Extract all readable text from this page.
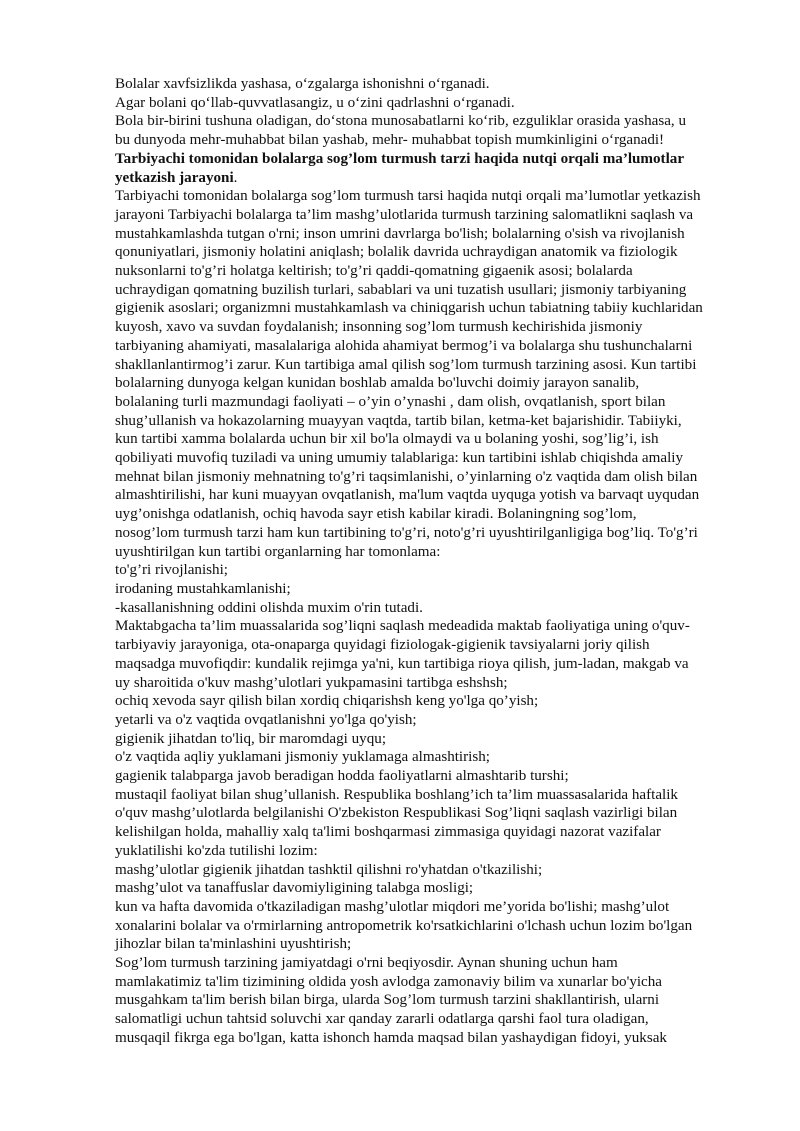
Bolalar xavfsizlikda yashasa, o‘zgalarga ishonishni o‘rganadi.
Agar bolani qo‘llab-quvvatlasangiz, u o‘zini qadrlashni o‘rganadi.
Bola bir-birini tushuna oladigan, do‘stona munosabatlarni ko‘rib, ezguliklar orasida yashasa, u
bu dunyoda mehr-muhabbat bilan yashab, mehr- muhabbat topish mumkinligini o‘rganadi!
Tarbiyachi tomonidan bolalarga sog’lom turmush tarzi haqida nutqi orqali ma’lumotlar
yetkazish jarayoni.
Tarbiyachi tomonidan bolalarga sog’lom turmush tarsi haqida nutqi orqali ma’lumotlar yetkazish
jarayoni Tarbiyachi bolalarga ta’lim mashg’ulotlarida turmush tarzining salomatlikni saqlash va
mustahkamlashda tutgan o'rni; inson umrini davrlarga bo'lish; bolalarning o'sish va rivojlanish
qonuniyatlari, jismoniy holatini aniqlash; bolalik davrida uchraydigan anatomik va fiziologik
nuksonlarni to'g’ri holatga keltirish; to'g’ri qaddi-qomatning gigaenik asosi; bolalarda
uchraydigan qomatning buzilish turlari, sabablari va uni tuzatish usullari; jismoniy tarbiyaning
gigienik asoslari; organizmni mustahkamlash va chiniqgarish uchun tabiatning tabiiy kuchlaridan
kuyosh, xavo va suvdan foydalanish; insonning sog’lom turmush kechirishida jismoniy
tarbiyaning ahamiyati, masalalariga alohida ahamiyat bermog’i va bolalarga shu tushunchalarni
shakllanlantirmog’i zarur. Kun tartibiga amal qilish sog’lom turmush tarzining asosi. Kun tartibi
bolalarning dunyoga kelgan kunidan boshlab amalda bo'luvchi doimiy jarayon sanalib,
bolalaning turli mazmundagi faoliyati – o’yin o’ynashi , dam olish, ovqatlanish, sport bilan
shug’ullanish va hokazolarning muayyan vaqtda, tartib bilan, ketma-ket bajarishidir. Tabiiyki,
kun tartibi xamma bolalarda uchun bir xil bo'la olmaydi va u bolaning yoshi, sog’lig’i, ish
qobiliyati muvofiq tuziladi va uning umumiy talablariga: kun tartibini ishlab chiqishda amaliy
mehnat bilan jismoniy mehnatning to'g’ri taqsimlanishi, o’yinlarning o'z vaqtida dam olish bilan
almashtirilishi, har kuni muayyan ovqatlanish, ma'lum vaqtda uyquga yotish va barvaqt uyqudan
uyg’onishga odatlanish, ochiq havoda sayr etish kabilar kiradi. Bolaningning sog’lom,
nosog’lom turmush tarzi ham kun tartibining to'g’ri, noto'g’ri uyushtirilganligiga bog’liq. To'g’ri
uyushtirilgan kun tartibi organlarning har tomonlama:
to'g’ri rivojlanishi;
irodaning mustahkamlanishi;
-kasallanishning oddini olishda muxim o'rin tutadi.
Maktabgacha ta’lim muassalarida sog’liqni saqlash medeadida maktab faoliyatiga uning o'quv-
tarbiyaviy jarayoniga, ota-onaparga quyidagi fiziologak-gigienik tavsiyalarni joriy qilish
maqsadga muvofiqdir: kundalik rejimga ya'ni, kun tartibiga rioya qilish, jum-ladan, makgab va
uy sharoitida o'kuv mashg’ulotlari yukpamasini tartibga eshshsh;
ochiq xevoda sayr qilish bilan xordiq chiqarishsh keng yo'lga qo’yish;
yetarli va o'z vaqtida ovqatlanishni yo'lga qo'yish;
gigienik jihatdan to'liq, bir maromdagi uyqu;
o'z vaqtida aqliy yuklamani jismoniy yuklamaga almashtirish;
gagienik talabparga javob beradigan hodda faoliyatlarni almashtarib turshi;
mustaqil faoliyat bilan shug’ullanish. Respublika boshlang’ich ta’lim muassasalarida haftalik
o'quv mashg’ulotlarda belgilanishi O'zbekiston Respublikasi Sog’liqni saqlash vazirligi bilan
kelishilgan holda, mahalliy xalq ta'limi boshqarmasi zimmasiga quyidagi nazorat vazifalar
yuklatilishi ko'zda tutilishi lozim:
mashg’ulotlar gigienik jihatdan tashktil qilishni ro'yhatdan o'tkazilishi;
mashg’ulot va tanaffuslar davomiyligining talabga mosligi;
kun va hafta davomida o'tkaziladigan mashg’ulotlar miqdori me’yorida bo'lishi; mashg’ulot
xonalarini bolalar va o'rmirlarning antropometrik ko'rsatkichlarini o'lchash uchun lozim bo'lgan
jihozlar bilan ta'minlashini uyushtirish;
Sog’lom turmush tarzining jamiyatdagi o'rni beqiyosdir. Aynan shuning uchun ham
mamlakatimiz ta'lim tizimining oldida yosh avlodga zamonaviy bilim va xunarlar bo'yicha
musgahkam ta'lim berish bilan birga, ularda Sog’lom turmush tarzini shakllantirish, ularni
salomatligi uchun tahtsid soluvchi xar qanday zararli odatlarga qarshi faol tura oladigan,
musqaqil fikrga ega bo'lgan, katta ishonch hamda maqsad bilan yashaydigan fidoyi, yuksak
